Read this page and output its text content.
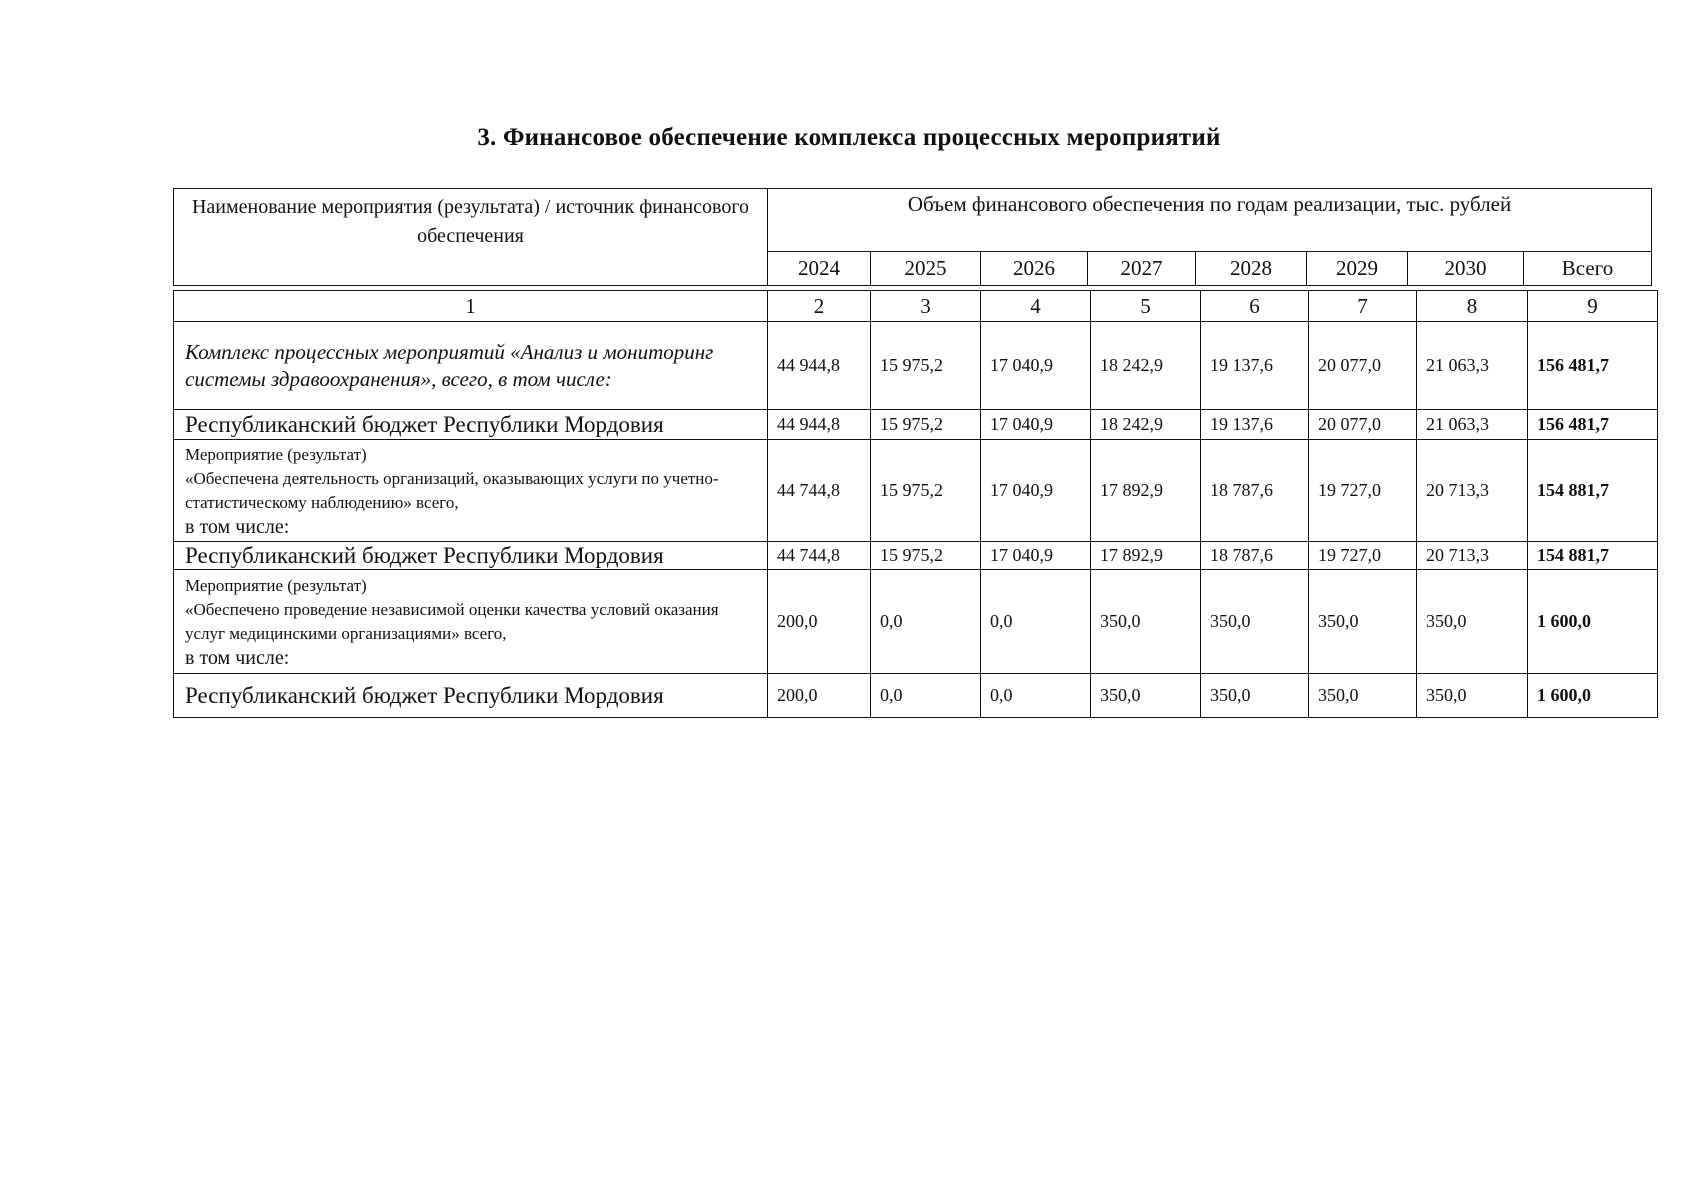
3. Финансовое обеспечение комплекса процессных мероприятий
Наименование мероприятия (результата) / источник финансового обеспечения	Объем финансового обеспечения по годам реализации, тыс. рублей							
	2024	2025	2026	2027	2028	2029	2030	Всего
1	2	3	4	5	6	7	8	9
Комплекс процессных мероприятий «Анализ и мониторинг системы здравоохранения», всего, в том числе:	44 944,8	15 975,2	17 040,9	18 242,9	19 137,6	20 077,0	21 063,3	156 481,7
Республиканский бюджет Республики Мордовия	44 944,8	15 975,2	17 040,9	18 242,9	19 137,6	20 077,0	21 063,3	156 481,7

Мероприятие (результат)
«Обеспечена деятельность организаций, оказывающих услуги по учетно-статистическому наблюдению» всего,
в том числе:	44 744,8	15 975,2	17 040,9	17 892,9	18 787,6	19 727,0	20 713,3	154 881,7
Республиканский бюджет Республики Мордовия	44 744,8	15 975,2	17 040,9	17 892,9	18 787,6	19 727,0	20 713,3	154 881,7

Мероприятие (результат)
«Обеспечено проведение независимой оценки качества условий оказания услуг медицинскими организациями» всего,
в том числе:	200,0	0,0	0,0	350,0	350,0	350,0	350,0	1 600,0
Республиканский бюджет Республики Мордовия	200,0	0,0	0,0	350,0	350,0	350,0	350,0	1 600,0
